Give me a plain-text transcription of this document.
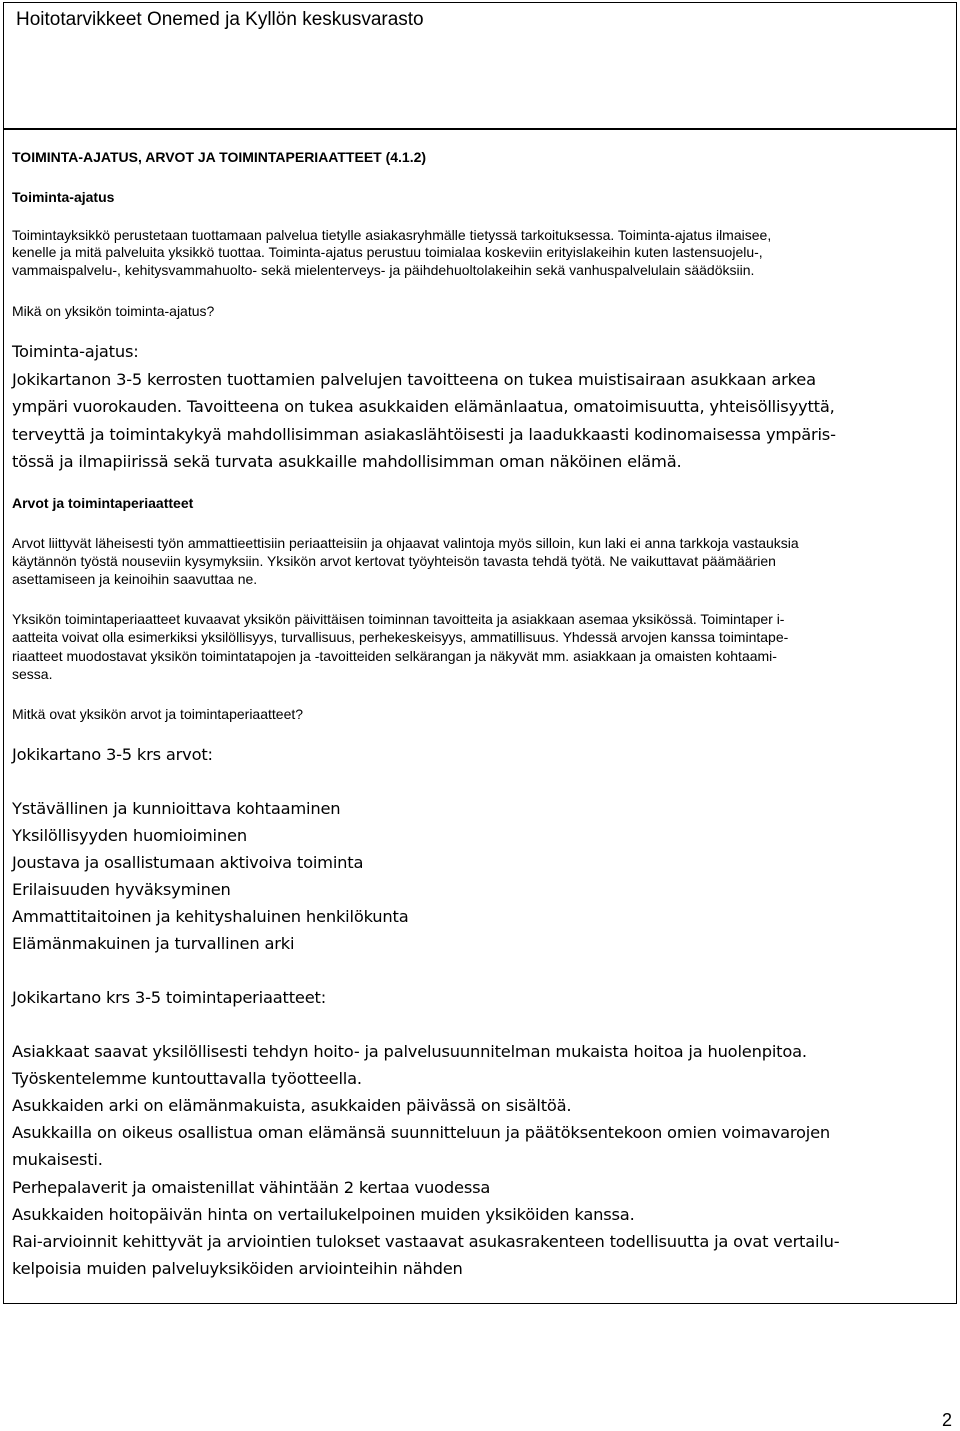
Hoitotarvikkeet Onemed ja Kyllön keskusvarasto
TOIMINTA-AJATUS, ARVOT JA TOIMINTAPERIAATTEET (4.1.2)
Toiminta-ajatus
Toimintayksikkö perustetaan tuottamaan palvelua tietylle asiakasryhmälle tietyssä tarkoituksessa. Toiminta-ajatus ilmaisee,
kenelle ja mitä palveluita yksikkö tuottaa. Toiminta-ajatus perustuu toimialaa koskeviin erityislakeihin kuten lastensuojelu-,
vammaispalvelu-, kehitysvammahuolto- sekä mielenterveys- ja päihdehuoltolakeihin sekä vanhuspalvelulain säädöksiin.
Mikä on yksikön toiminta-ajatus?
Toiminta-ajatus:
Jokikartanon 3-5 kerrosten tuottamien palvelujen tavoitteena on tukea muistisairaan asukkaan arkea
ympäri vuorokauden. Tavoitteena on tukea asukkaiden elämänlaatua, omatoimisuutta, yhteisöllisyyttä,
terveyttä ja toimintakykyä mahdollisimman asiakaslähtöisesti ja laadukkaasti kodinomaisessa ympäris-
tössä ja ilmapiirissä sekä turvata asukkaille mahdollisimman oman näköinen elämä.
Arvot ja toimintaperiaatteet
Arvot liittyvät läheisesti työn ammattieettisiin periaatteisiin ja ohjaavat valintoja myös silloin, kun laki ei anna tarkkoja vastauksia
käytännön työstä nouseviin kysymyksiin. Yksikön arvot kertovat työyhteisön tavasta tehdä työtä. Ne vaikuttavat päämäärien
asettamiseen ja keinoihin saavuttaa ne.
Yksikön toimintaperiaatteet kuvaavat yksikön päivittäisen toiminnan tavoitteita ja asiakkaan asemaa yksikössä. Toimintaper i-
aatteita voivat olla esimerkiksi yksilöllisyys, turvallisuus, perhekeskeisyys, ammatillisuus. Yhdessä arvojen kanssa toimintape-
riaatteet muodostavat yksikön toimintatapojen ja -tavoitteiden selkärangan ja näkyvät mm. asiakkaan ja omaisten kohtaami-
sessa.
Mitkä ovat yksikön arvot ja toimintaperiaatteet?
Jokikartano 3-5 krs arvot:
Ystävällinen ja kunnioittava kohtaaminen
Yksilöllisyyden huomioiminen
Joustava ja osallistumaan aktivoiva toiminta
Erilaisuuden hyväksyminen
Ammattitaitoinen ja kehityshaluinen henkilökunta
Elämänmakuinen ja turvallinen arki
Jokikartano krs 3-5 toimintaperiaatteet:
Asiakkaat saavat yksilöllisesti tehdyn hoito- ja palvelusuunnitelman mukaista hoitoa ja huolenpitoa.
Työskentelemme kuntouttavalla työotteella.
Asukkaiden arki on elämänmakuista, asukkaiden päivässä on sisältöä.
Asukkailla on oikeus osallistua oman elämänsä suunnitteluun ja päätöksentekoon omien voimavarojen
mukaisesti.
Perhepalaverit ja omaistenillat vähintään 2 kertaa vuodessa
Asukkaiden hoitopäivän hinta on vertailukelpoinen muiden yksiköiden kanssa.
Rai-arvioinnit kehittyvät ja arviointien tulokset vastaavat asukasrakenteen todellisuutta ja ovat vertailu-
kelpoisia muiden palveluyksiköiden arviointeihin nähden
2
